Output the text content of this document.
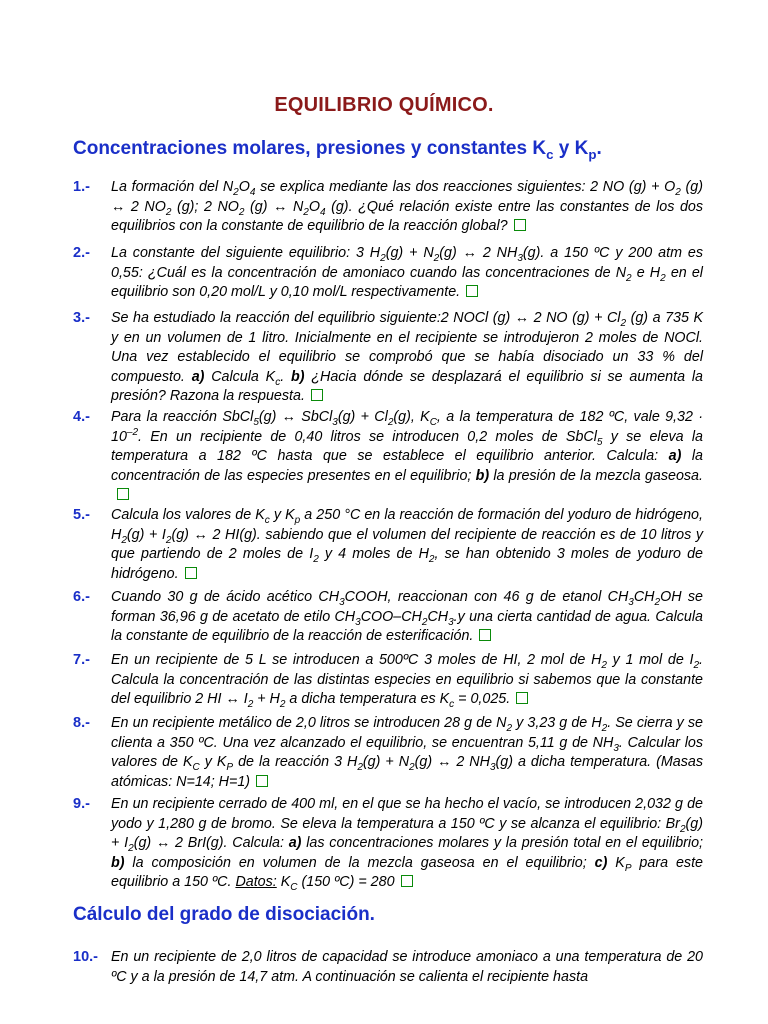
EQUILIBRIO QUÍMICO.
Concentraciones molares, presiones y constantes $K_c$ y $K_p$.
1.- La formación del $N_2O_4$ se explica mediante las dos reacciones siguientes: 2 NO $(g) + O_2$ (g) ↔ 2 $NO_2$ (g); 2 $NO_2$ (g) ↔ $N_2O_4$ (g). ¿Qué relación existe entre las constantes de los dos equilibrios con la constante de equilibrio de la reacción global?
2.- La constante del siguiente equilibrio: 3 $H_2(g) + N_2(g)$ ↔ 2 $NH_3(g)$. a 150 ºC y 200 atm es 0,55: ¿Cuál es la concentración de amoniaco cuando las concentraciones de $N_2$ e $H_2$ en el equilibrio son 0,20 mol/L y 0,10 mol/L respectivamente.
3.- Se ha estudiado la reacción del equilibrio siguiente:2 NOCl (g) ↔ 2 NO $(g) + Cl_2$ (g) a 735 K y en un volumen de 1 litro. Inicialmente en el recipiente se introdujeron 2 moles de NOCl. Una vez establecido el equilibrio se comprobó que se había disociado un 33 % del compuesto. a) Calcula $K_c$. b) ¿Hacia dónde se desplazará el equilibrio si se aumenta la presión? Razona la respuesta.
4.- Para la reacción SbCl$_5$(g) ↔ SbCl$_3$(g) + $Cl_2(g)$, $K_C$, a la temperatura de 182 ºC, vale $9,32 \cdot 10^{-2}$. En un recipiente de 0,40 litros se introducen 0,2 moles de SbCl$_5$ y se eleva la temperatura a 182 ºC hasta que se establece el equilibrio anterior. Calcula: a) la concentración de las especies presentes en el equilibrio; b) la presión de la mezcla gaseosa.
5.- Calcula los valores de $K_c$ y $K_p$ a 250 °C en la reacción de formación del yoduro de hidrógeno, $H_2(g) + I_2(g)$ ↔ 2 HI(g). sabiendo que el volumen del recipiente de reacción es de 10 litros y que partiendo de 2 moles de $I_2$ y 4 moles de $H_2$, se han obtenido 3 moles de yoduro de hidrógeno.
6.- Cuando 30 g de ácido acético $CH_3COOH$, reaccionan con 46 g de etanol $CH_3CH_2OH$ se forman 36,96 g de acetato de etilo $CH_3COO-CH_2CH_3.y$ una cierta cantidad de agua. Calcula la constante de equilibrio de la reacción de esterificación.
7.- En un recipiente de 5 L se introducen a 500ºC 3 moles de HI, 2 mol de $H_2$ y 1 mol de $I_2$. Calcula la concentración de las distintas especies en equilibrio si sabemos que la constante del equilibrio 2 HI ↔ $I_2 + H_2$ a dicha temperatura es $K_c = 0,025$.
8.- En un recipiente metálico de 2,0 litros se introducen 28 g de $N_2$ y 3,23 g de $H_2$. Se cierra y se clienta a 350 ºC. Una vez alcanzado el equilibrio, se encuentran 5,11 g de $NH_3$. Calcular los valores de $K_C$ y $K_P$ de la reacción 3 $H_2(g) + N_2(g)$ ↔ 2 $NH_3(g)$ a dicha temperatura. (Masas atómicas: N=14; H=1)
9.- En un recipiente cerrado de 400 ml, en el que se ha hecho el vacío, se introducen 2,032 g de yodo y 1,280 g de bromo. Se eleva la temperatura a 150 ºC y se alcanza el equilibrio: $Br_2(g) + I_2(g)$ ↔ 2 BrI(g). Calcula: a) las concentraciones molares y la presión total en el equilibrio; b) la composición en volumen de la mezcla gaseosa en el equilibrio; c) $K_P$ para este equilibrio a 150 ºC. Datos: $K_C$ (150 ºC) = 280
Cálculo del grado de disociación.
10.- En un recipiente de 2,0 litros de capacidad se introduce amoniaco a una temperatura de 20 ºC y a la presión de 14,7 atm. A continuación se calienta el recipiente hasta
